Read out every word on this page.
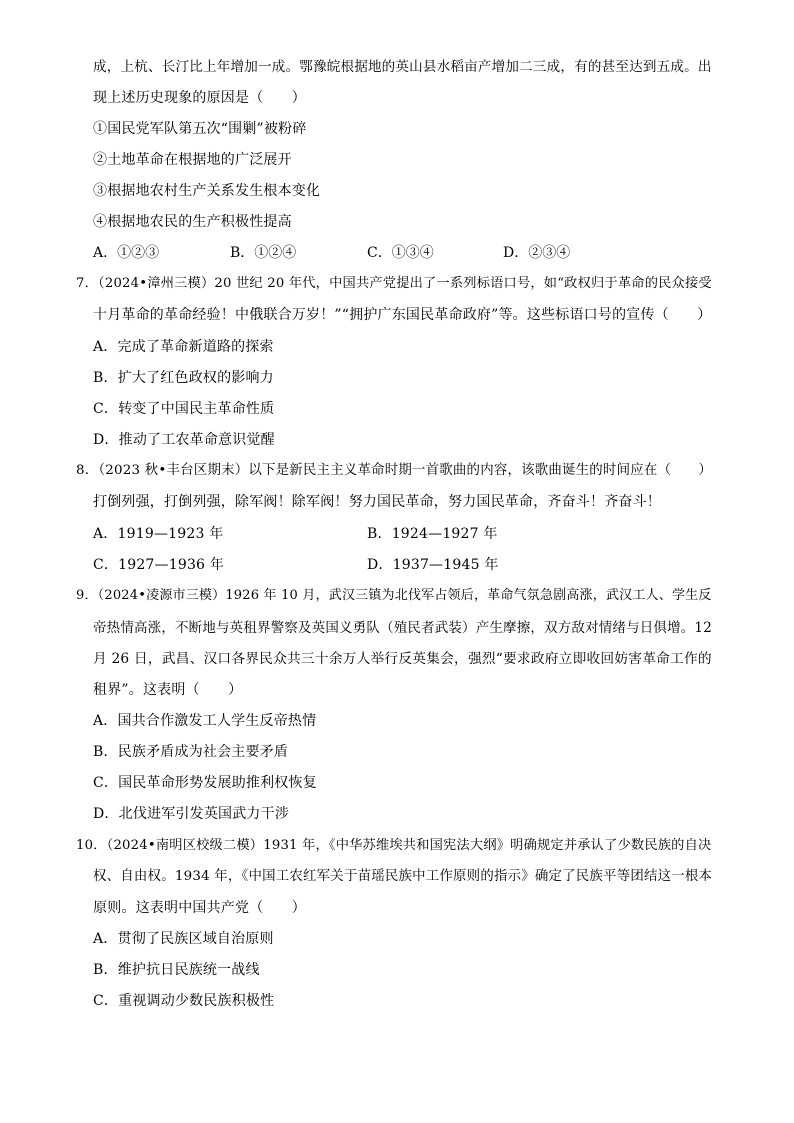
成，上杭、长汀比上年增加一成。鄂豫皖根据地的英山县水稻亩产增加二三成，有的甚至达到五成。出
现上述历史现象的原因是（　　）
①国民党军队第五次“围剿”被粉碎
②土地革命在根据地的广泛展开
③根据地农村生产关系发生根本变化
④根据地农民的生产积极性提高
A．①②③	B．①②④	C．①③④	D．②③④
7．（2024•漳州三模）20 世纪 20 年代，中国共产党提出了一系列标语口号，如“政权归于革命的民众接受
十月革命的革命经验！中俄联合万岁！”“拥护广东国民革命政府”等。这些标语口号的宣传（　　）
A．完成了革命新道路的探索
B．扩大了红色政权的影响力
C．转变了中国民主革命性质
D．推动了工农革命意识觉醒
8．（2023 秋•丰台区期末）以下是新民主主义革命时期一首歌曲的内容，该歌曲诞生的时间应在（　　）
打倒列强，打倒列强，除军阀！除军阀！努力国民革命，努力国民革命，齐奋斗！齐奋斗！
A．1919—1923 年	B．1924—1927 年
C．1927—1936 年	D．1937—1945 年
9．（2024•凌源市三模）1926 年 10 月，武汉三镇为北伐军占领后，革命气氛急剧高涨，武汉工人、学生反
帝热情高涨，不断地与英租界警察及英国义勇队（殖民者武装）产生摩擦，双方敌对情绪与日俱增。12
月 26 日，武昌、汉口各界民众共三十余万人举行反英集会，强烈“要求政府立即收回妨害革命工作的
租界”。这表明（　　）
A．国共合作激发工人学生反帝热情
B．民族矛盾成为社会主要矛盾
C．国民革命形势发展助推利权恢复
D．北伐进军引发英国武力干涉
10．（2024•南明区校级二模）1931 年，《中华苏维埃共和国宪法大纲》明确规定并承认了少数民族的自决
权、自由权。1934 年，《中国工农红军关于苗瑶民族中工作原则的指示》确定了民族平等团结这一根本
原则。这表明中国共产党（　　）
A．贯彻了民族区域自治原则
B．维护抗日民族统一战线
C．重视调动少数民族积极性
